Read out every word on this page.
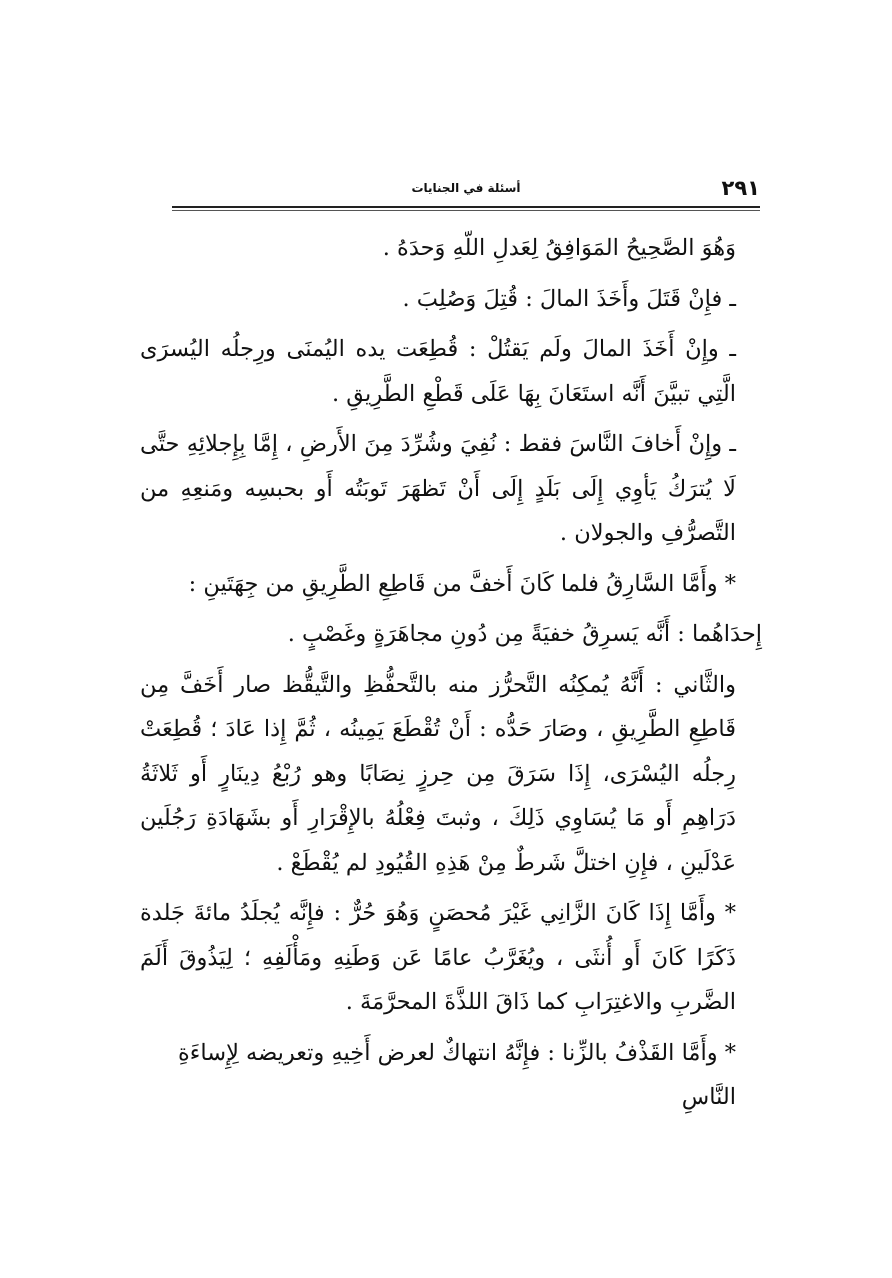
٢٩١
أسئلة في الجنايات

وَهُوَ الصَّحِيحُ المَوَافِقُ لِعَدلِ اللّهِ وَحدَهُ .

ـ فإِنْ قَتَلَ وأَخَذَ المالَ : قُتِلَ وَصُلِبَ .

ـ وإِنْ أَخَذَ المالَ ولَم يَقتُلْ : قُطِعَت يده اليُمنَى ورِجلُه اليُسرَى الَّتِي تبيَّنَ أَنَّه استَعَانَ بِهَا عَلَى قَطْعِ الطَّرِيقِ .

ـ وإِنْ أَخافَ النَّاسَ فقط : نُفِيَ وشُرِّدَ مِنَ الأَرضِ ، إِمَّا بِإِجلائِهِ حتَّى لَا يُترَكُ يَأوِي إِلَى بَلَدٍ إِلَى أَنْ تَظهَرَ تَوبَتُه أَو بحبسِه ومَنعِهِ من التَّصرُّفِ والجولان .

* وأَمَّا السَّارِقُ فلما كَانَ أَخفَّ من قَاطِعِ الطَّرِيقِ من جِهَتَينِ :

إِحدَاهُما : أَنَّه يَسرِقُ خفيَةً مِن دُونِ مجاهَرَةٍ وغَصْبٍ .

والثَّاني : أَنَّهُ يُمكِنُه التَّحرُّز منه بالتَّحفُّظِ والتَّيقُّظ صار أَخَفَّ مِن قَاطِعِ الطَّرِيقِ ، وصَارَ حَدُّه : أَنْ تُقْطَعَ يَمِينُه ، ثُمَّ إِذا عَادَ ؛ قُطِعَتْ رِجلُه اليُسْرَى، إِذَا سَرَقَ مِن حِرزٍ نِصَابًا وهو رُبْعُ دِينَارٍ أَو ثَلاثَةُ دَرَاهِمِ أَو مَا يُسَاوِي ذَلِكَ ، وثبتَ فِعْلُهُ بالإِقْرَارِ أَو بشَهَادَةِ رَجُلَين عَدْلَينِ ، فإِنِ اختلَّ شَرطٌ مِنْ هَذِهِ القُيُودِ لم يُقْطَعْ .

* وأَمَّا إِذَا كَانَ الزَّانِي غَيْرَ مُحصَنٍ وَهُوَ حُرٌّ : فإِنَّه يُجلَدُ مائةَ جَلدة ذَكَرًا كَانَ أَو أُنثَى ، ويُغَرَّبُ عامًا عَن وَطَنِهِ ومَأْلَفِهِ ؛ لِيَذُوقَ أَلَمَ الضَّربِ والاغتِرَابِ كما ذَاقَ اللذَّةَ المحرَّمَةَ .

* وأَمَّا القَذْفُ بالزِّنا : فإِنَّهُ انتهاكٌ لعرض أَخِيهِ وتعريضه لِإِساءَةِ النَّاسِ
